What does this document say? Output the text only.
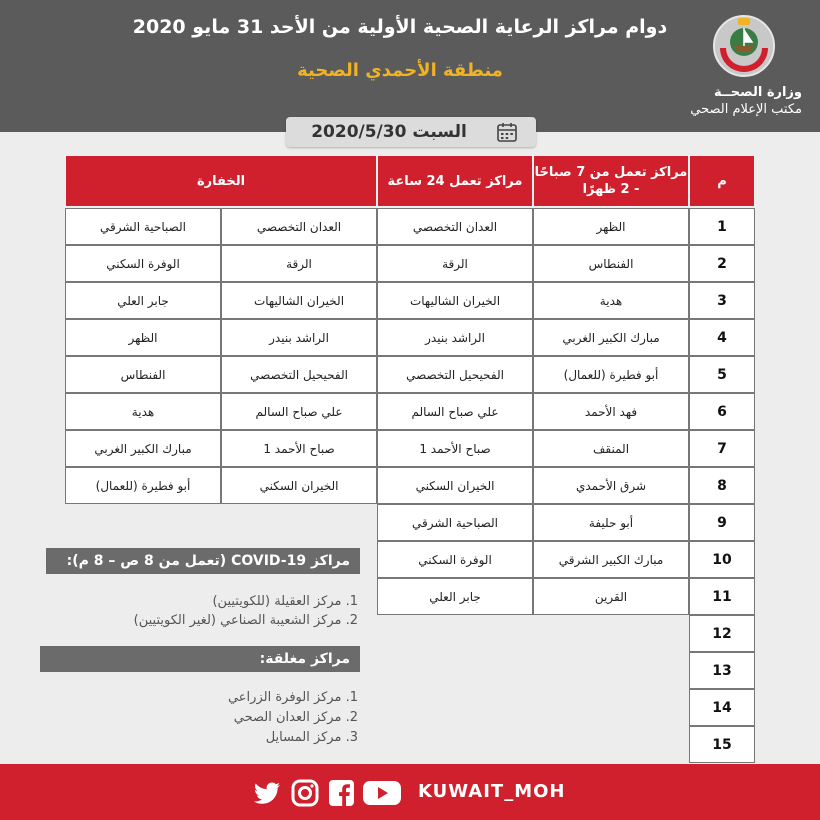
دوام مراكز الرعاية الصحية الأولية من الأحد 31 مايو 2020
منطقة الأحمدي الصحية
وزارة الصحــة
مكتب الإعلام الصحي
السبت 2020/5/30
م
مراكز تعمل من 7 صباحًا - 2 ظهرًا
مراكز تعمل 24 ساعة
الخفارة
1
الظهر
العدان التخصصي
العدان التخصصي
الصباحية الشرقي
2
الفنطاس
الرقة
الرقة
الوفرة السكني
3
هدية
الخيران الشاليهات
الخيران الشاليهات
جابر العلي
4
مبارك الكبير الغربي
الراشد بنيدر
الراشد بنيدر
الظهر
5
أبو فطيرة (للعمال)
الفحيحيل التخصصي
الفحيحيل التخصصي
الفنطاس
6
فهد الأحمد
علي صباح السالم
علي صباح السالم
هدية
7
المنقف
صباح الأحمد 1
صباح الأحمد 1
مبارك الكبير الغربي
8
شرق الأحمدي
الخيران السكني
الخيران السكني
أبو فطيرة (للعمال)
9
أبو حليفة
الصباحية الشرقي
10
مبارك الكبير الشرقي
الوفرة السكني
11
القرين
جابر العلي
12
13
14
15
مراكز COVID-19 (تعمل من 8 ص – 8 م):
1. مركز العقيلة (للكويتيين)
2. مركز الشعيبة الصناعي (لغير الكويتيين)
مراكز مغلقة:
1. مركز الوفرة الزراعي
2. مركز العدان الصحي
3. مركز المسايل
KUWAIT_MOH
